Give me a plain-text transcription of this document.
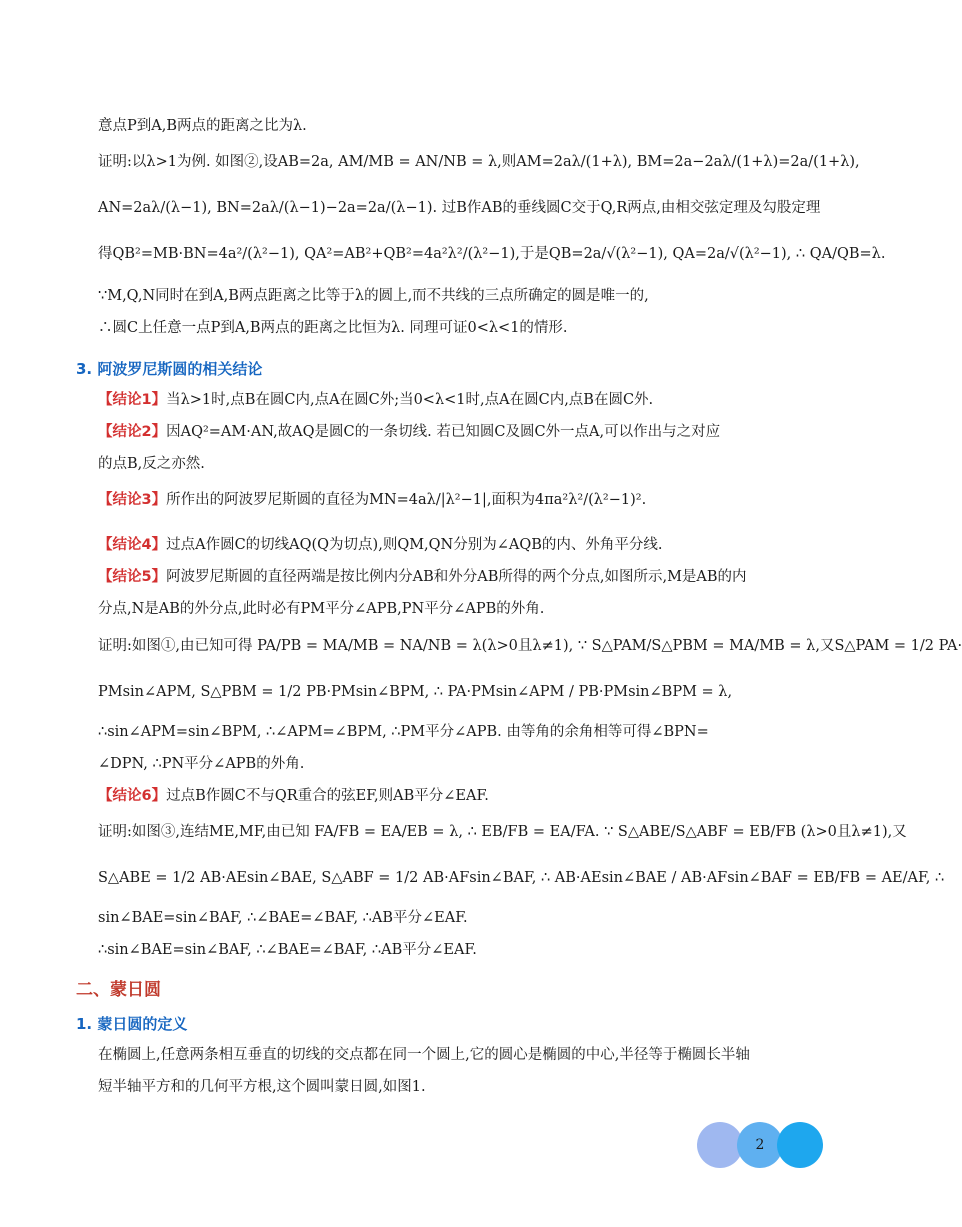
意点P到A,B两点的距离之比为λ.
证明:以λ>1为例. 如图②,设AB=2a, AM/MB = AN/NB = λ,则AM=2aλ/(1+λ), BM=2a−2aλ/(1+λ)=2a/(1+λ),
AN=2aλ/(λ−1), BN=2aλ/(λ−1)−2a=2a/(λ−1). 过B作AB的垂线圆C交于Q,R两点,由相交弦定理及勾股定理
得QB²=MB·BN=4a²/(λ²−1), QA²=AB²+QB²=4a²λ²/(λ²−1),于是QB=2a/√(λ²−1), QA=2a/√(λ²−1), ∴ QA/QB=λ.
∵M,Q,N同时在到A,B两点距离之比等于λ的圆上,而不共线的三点所确定的圆是唯一的,
∴圆C上任意一点P到A,B两点的距离之比恒为λ. 同理可证0<λ<1的情形.
3. 阿波罗尼斯圆的相关结论
【结论1】当λ>1时,点B在圆C内,点A在圆C外;当0<λ<1时,点A在圆C内,点B在圆C外.
【结论2】因AQ²=AM·AN,故AQ是圆C的一条切线. 若已知圆C及圆C外一点A,可以作出与之对应
的点B,反之亦然.
【结论3】所作出的阿波罗尼斯圆的直径为MN=4aλ/|λ²−1|,面积为4πa²λ²/(λ²−1)².
【结论4】过点A作圆C的切线AQ(Q为切点),则QM,QN分别为∠AQB的内、外角平分线.
【结论5】阿波罗尼斯圆的直径两端是按比例内分AB和外分AB所得的两个分点,如图所示,M是AB的内
分点,N是AB的外分点,此时必有PM平分∠APB,PN平分∠APB的外角.
证明:如图①,由已知可得 PA/PB = MA/MB = NA/NB = λ(λ>0且λ≠1), ∵ S△PAM/S△PBM = MA/MB = λ,又S△PAM = 1/2 PA·
PMsin∠APM, S△PBM = 1/2 PB·PMsin∠BPM, ∴ PA·PMsin∠APM / PB·PMsin∠BPM = λ,
∴sin∠APM=sin∠BPM, ∴∠APM=∠BPM, ∴PM平分∠APB. 由等角的余角相等可得∠BPN=
∠DPN, ∴PN平分∠APB的外角.
【结论6】过点B作圆C不与QR重合的弦EF,则AB平分∠EAF.
证明:如图③,连结ME,MF,由已知 FA/FB = EA/EB = λ, ∴ EB/FB = EA/FA. ∵ S△ABE/S△ABF = EB/FB (λ>0且λ≠1),又
S△ABE = 1/2 AB·AEsin∠BAE, S△ABF = 1/2 AB·AFsin∠BAF, ∴ AB·AEsin∠BAE / AB·AFsin∠BAF = EB/FB = AE/AF, ∴
sin∠BAE=sin∠BAF, ∴∠BAE=∠BAF, ∴AB平分∠EAF.
∴sin∠BAE=sin∠BAF, ∴∠BAE=∠BAF, ∴AB平分∠EAF.
二、蒙日圆
1. 蒙日圆的定义
在椭圆上,任意两条相互垂直的切线的交点都在同一个圆上,它的圆心是椭圆的中心,半径等于椭圆长半轴
短半轴平方和的几何平方根,这个圆叫蒙日圆,如图1.
2
